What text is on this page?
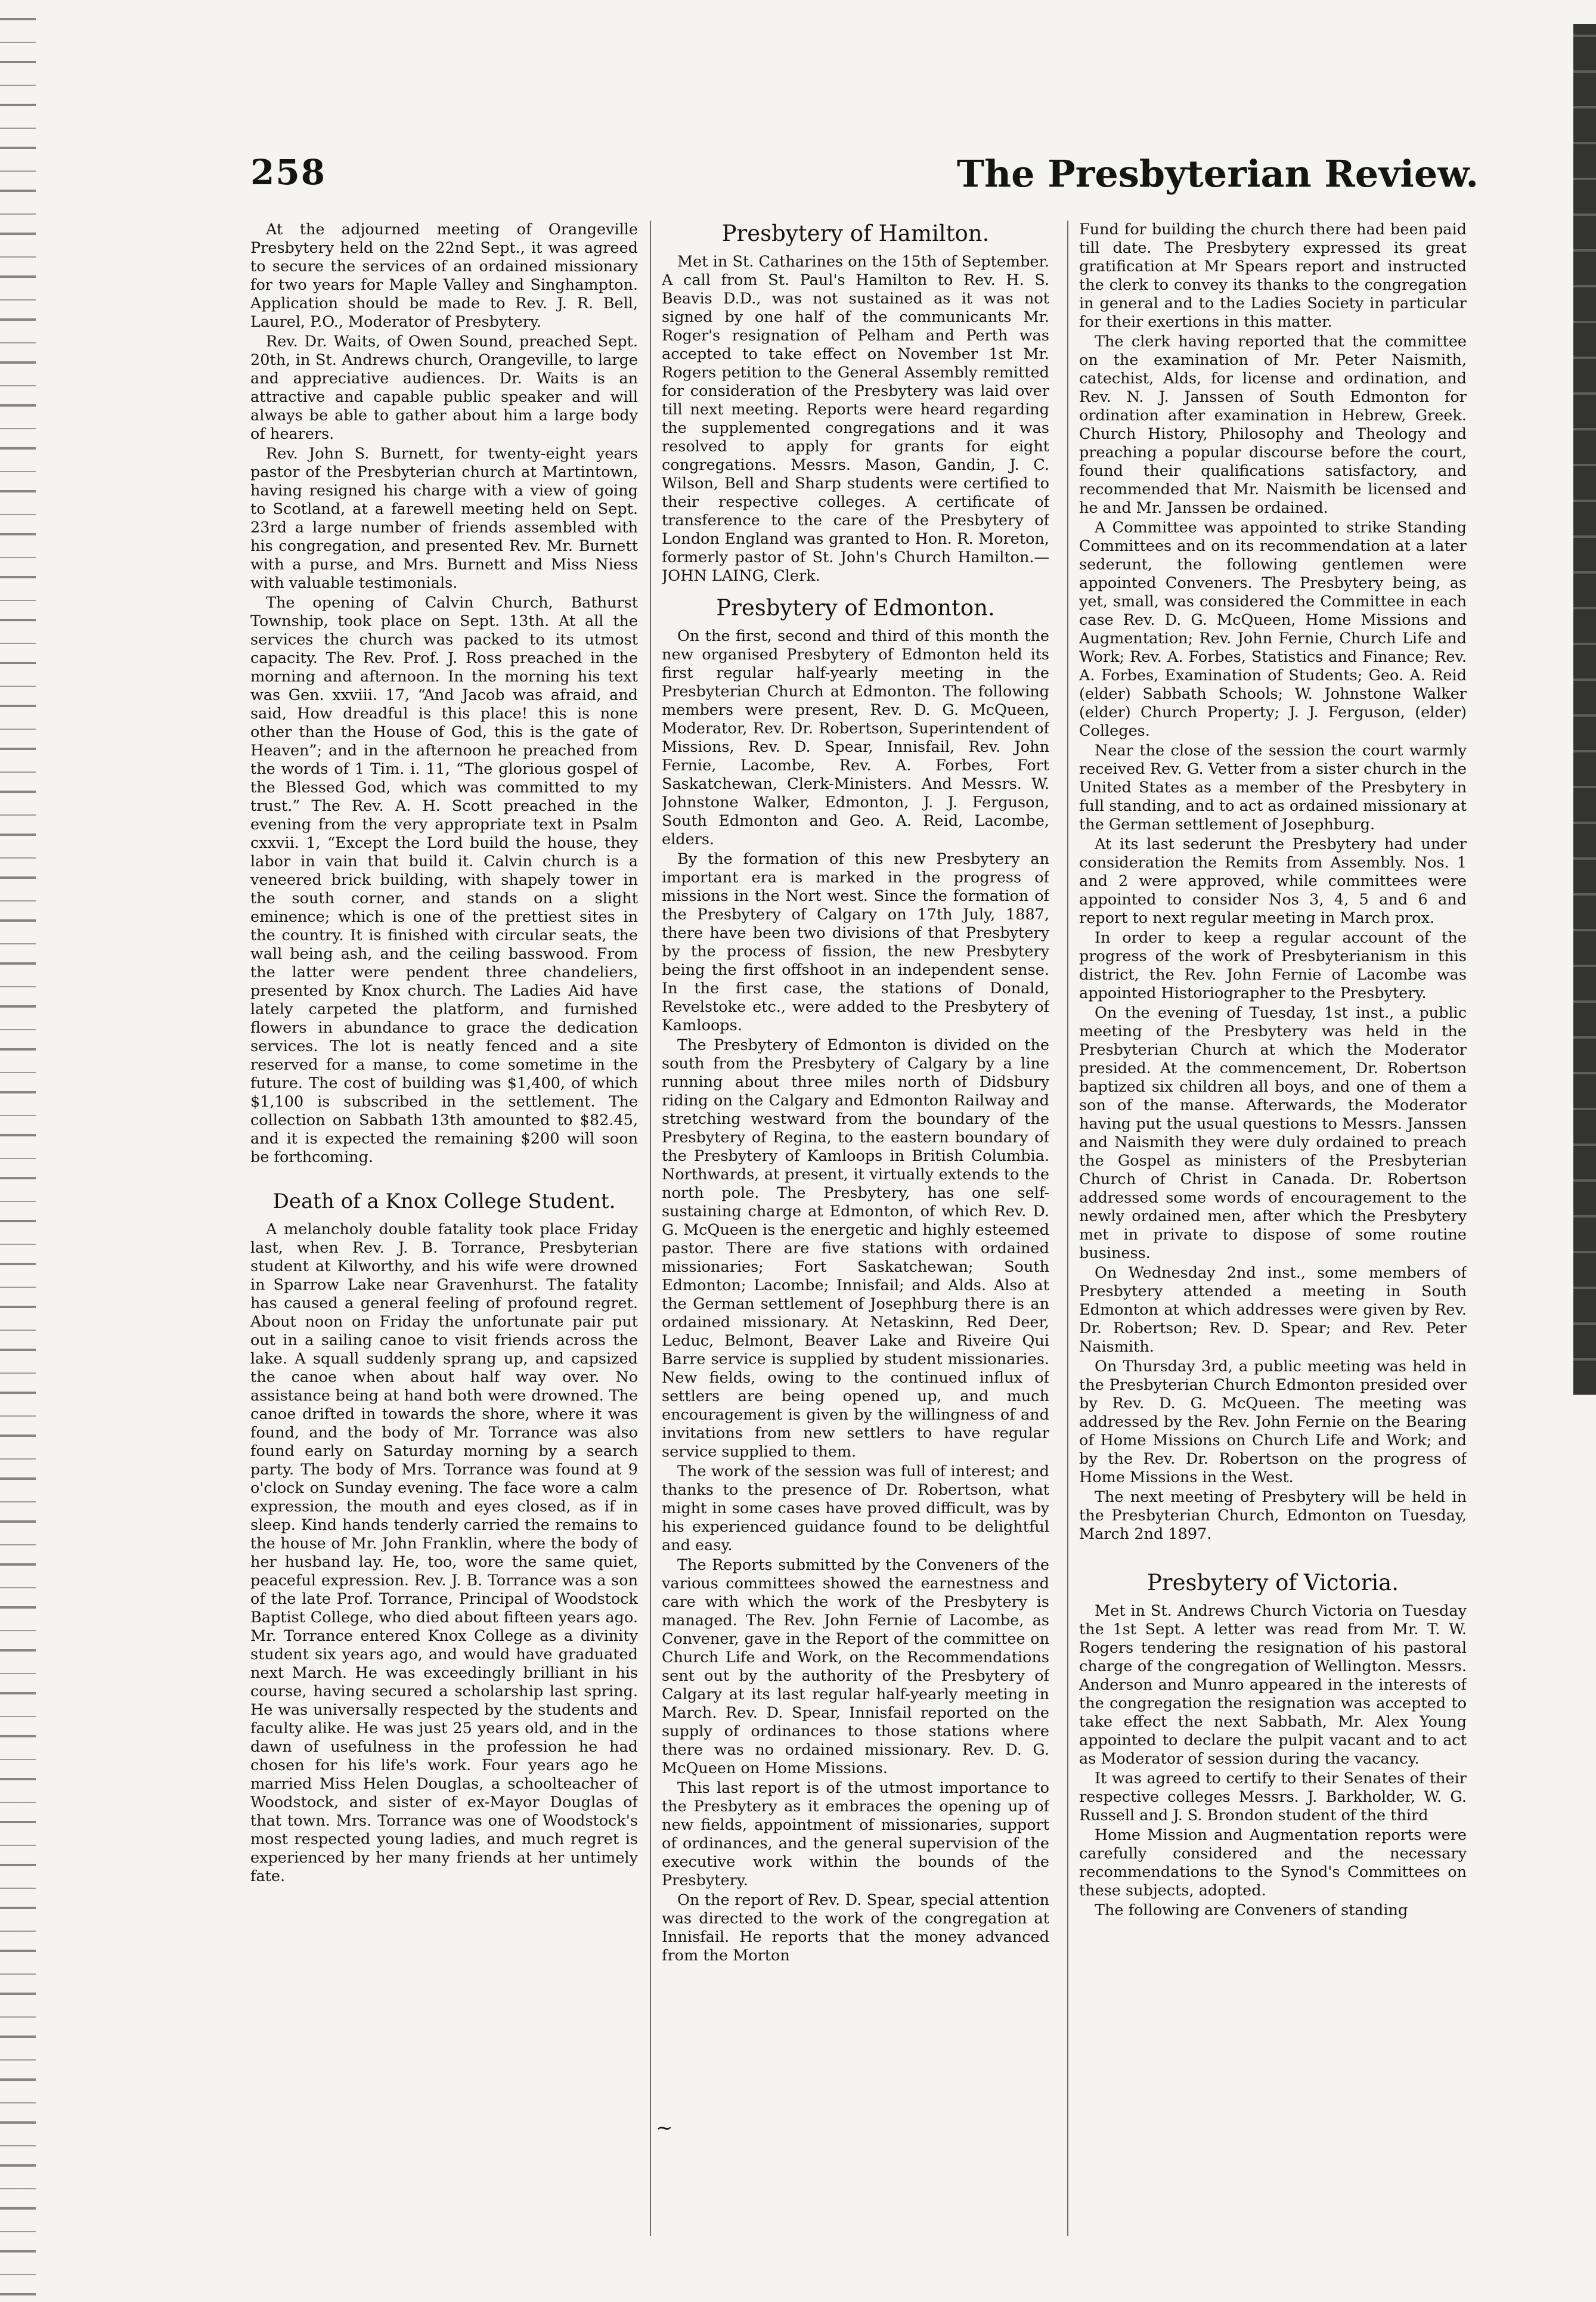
258	The Presbyterian Review.

At the adjourned meeting of Orangeville Presbytery held on the 22nd Sept., it was agreed to secure the services of an ordained missionary for two years for Maple Valley and Singhampton. Application should be made to Rev. J. R. Bell, Laurel, P.O., Moderator of Presbytery.

Rev. Dr. Waits, of Owen Sound, preached Sept. 20th, in St. Andrews church, Orangeville, to large and appreciative audiences. Dr. Waits is an attractive and capable public speaker and will always be able to gather about him a large body of hearers.

Rev. John S. Burnett, for twenty-eight years pastor of the Presbyterian church at Martintown, having resigned his charge with a view of going to Scotland, at a farewell meeting held on Sept. 23rd a large number of friends assembled with his congregation, and presented Rev. Mr. Burnett with a purse, and Mrs. Burnett and Miss Niess with valuable testimonials.

The opening of Calvin Church, Bathurst Township, took place on Sept. 13th. At all the services the church was packed to its utmost capacity. The Rev. Prof. J. Ross preached in the morning and afternoon. In the morning his text was Gen. xxviii. 17, “And Jacob was afraid, and said, How dreadful is this place! this is none other than the House of God, this is the gate of Heaven”; and in the afternoon he preached from the words of 1 Tim. i. 11, “The glorious gospel of the Blessed God, which was committed to my trust.” The Rev. A. H. Scott preached in the evening from the very appropriate text in Psalm cxxvii. 1, “Except the Lord build the house, they labor in vain that build it. Calvin church is a veneered brick building, with shapely tower in the south corner, and stands on a slight eminence; which is one of the prettiest sites in the country. It is finished with circular seats, the wall being ash, and the ceiling basswood. From the latter were pendent three chandeliers, presented by Knox church. The Ladies Aid have lately carpeted the platform, and furnished flowers in abundance to grace the dedication services. The lot is neatly fenced and a site reserved for a manse, to come sometime in the future. The cost of building was $1,400, of which $1,100 is subscribed in the settlement. The collection on Sabbath 13th amounted to $82.45, and it is expected the remaining $200 will soon be forthcoming.

Death of a Knox College Student.

A melancholy double fatality took place Friday last, when Rev. J. B. Torrance, Presbyterian student at Kilworthy, and his wife were drowned in Sparrow Lake near Gravenhurst. The fatality has caused a general feeling of profound regret. About noon on Friday the unfortunate pair put out in a sailing canoe to visit friends across the lake. A squall suddenly sprang up, and capsized the canoe when about half way over. No assistance being at hand both were drowned. The canoe drifted in towards the shore, where it was found, and the body of Mr. Torrance was also found early on Saturday morning by a search party. The body of Mrs. Torrance was found at 9 o'clock on Sunday evening. The face wore a calm expression, the mouth and eyes closed, as if in sleep. Kind hands tenderly carried the remains to the house of Mr. John Franklin, where the body of her husband lay. He, too, wore the same quiet, peaceful expression. Rev. J. B. Torrance was a son of the late Prof. Torrance, Principal of Woodstock Baptist College, who died about fifteen years ago. Mr. Torrance entered Knox College as a divinity student six years ago, and would have graduated next March. He was exceedingly brilliant in his course, having secured a scholarship last spring. He was universally respected by the students and faculty alike. He was just 25 years old, and in the dawn of usefulness in the profession he had chosen for his life's work. Four years ago he married Miss Helen Douglas, a schoolteacher of Woodstock, and sister of ex-Mayor Douglas of that town. Mrs. Torrance was one of Woodstock's most respected young ladies, and much regret is experienced by her many friends at her untimely fate.

Presbytery of Hamilton.

Met in St. Catharines on the 15th of September. A call from St. Paul's Hamilton to Rev. H. S. Beavis D.D., was not sustained as it was not signed by one half of the communicants Mr. Roger's resignation of Pelham and Perth was accepted to take effect on November 1st Mr. Rogers petition to the General Assembly remitted for consideration of the Presbytery was laid over till next meeting. Reports were heard regarding the supplemented congregations and it was resolved to apply for grants for eight congregations. Messrs. Mason, Gandin, J. C. Wilson, Bell and Sharp students were certified to their respective colleges. A certificate of transference to the care of the Presbytery of London England was granted to Hon. R. Moreton, formerly pastor of St. John's Church Hamilton.—JOHN LAING, Clerk.

Presbytery of Edmonton.

On the first, second and third of this month the new organised Presbytery of Edmonton held its first regular half-yearly meeting in the Presbyterian Church at Edmonton. The following members were present, Rev. D. G. McQueen, Moderator, Rev. Dr. Robertson, Superintendent of Missions, Rev. D. Spear, Innisfail, Rev. John Fernie, Lacombe, Rev. A. Forbes, Fort Saskatchewan, Clerk-Ministers. And Messrs. W. Johnstone Walker, Edmonton, J. J. Ferguson, South Edmonton and Geo. A. Reid, Lacombe, elders.

By the formation of this new Presbytery an important era is marked in the progress of missions in the Nort west. Since the formation of the Presbytery of Calgary on 17th July, 1887, there have been two divisions of that Presbytery by the process of fission, the new Presbytery being the first offshoot in an independent sense. In the first case, the stations of Donald, Revelstoke etc., were added to the Presbytery of Kamloops.

The Presbytery of Edmonton is divided on the south from the Presbytery of Calgary by a line running about three miles north of Didsbury riding on the Calgary and Edmonton Railway and stretching westward from the boundary of the Presbytery of Regina, to the eastern boundary of the Presbytery of Kamloops in British Columbia. Northwards, at present, it virtually extends to the north pole. The Presbytery, has one self-sustaining charge at Edmonton, of which Rev. D. G. McQueen is the energetic and highly esteemed pastor. There are five stations with ordained missionaries; Fort Saskatchewan; South Edmonton; Lacombe; Innisfail; and Alds. Also at the German settlement of Josephburg there is an ordained missionary. At Netaskinn, Red Deer, Leduc, Belmont, Beaver Lake and Riveire Qui Barre service is supplied by student missionaries. New fields, owing to the continued influx of settlers are being opened up, and much encouragement is given by the willingness of and invitations from new settlers to have regular service supplied to them.

The work of the session was full of interest; and thanks to the presence of Dr. Robertson, what might in some cases have proved difficult, was by his experienced guidance found to be delightful and easy.

The Reports submitted by the Conveners of the various committees showed the earnestness and care with which the work of the Presbytery is managed. The Rev. John Fernie of Lacombe, as Convener, gave in the Report of the committee on Church Life and Work, on the Recommendations sent out by the authority of the Presbytery of Calgary at its last regular half-yearly meeting in March. Rev. D. Spear, Innisfail reported on the supply of ordinances to those stations where there was no ordained missionary. Rev. D. G. McQueen on Home Missions.

This last report is of the utmost importance to the Presbytery as it embraces the opening up of new fields, appointment of missionaries, support of ordinances, and the general supervision of the executive work within the bounds of the Presbytery.

On the report of Rev. D. Spear, special attention was directed to the work of the congregation at Innisfail. He reports that the money advanced from the Morton

Fund for building the church there had been paid till date. The Presbytery expressed its great gratification at Mr Spears report and instructed the clerk to convey its thanks to the congregation in general and to the Ladies Society in particular for their exertions in this matter.

The clerk having reported that the committee on the examination of Mr. Peter Naismith, catechist, Alds, for license and ordination, and Rev. N. J. Janssen of South Edmonton for ordination after examination in Hebrew, Greek. Church History, Philosophy and Theology and preaching a popular discourse before the court, found their qualifications satisfactory, and recommended that Mr. Naismith be licensed and he and Mr. Janssen be ordained.

A Committee was appointed to strike Standing Committees and on its recommendation at a later sederunt, the following gentlemen were appointed Conveners. The Presbytery being, as yet, small, was considered the Committee in each case Rev. D. G. McQueen, Home Missions and Augmentation; Rev. John Fernie, Church Life and Work; Rev. A. Forbes, Statistics and Finance; Rev. A. Forbes, Examination of Students; Geo. A. Reid (elder) Sabbath Schools; W. Johnstone Walker (elder) Church Property; J. J. Ferguson, (elder) Colleges.

Near the close of the session the court warmly received Rev. G. Vetter from a sister church in the United States as a member of the Presbytery in full standing, and to act as ordained missionary at the German settlement of Josephburg.

At its last sederunt the Presbytery had under consideration the Remits from Assembly. Nos. 1 and 2 were approved, while committees were appointed to consider Nos 3, 4, 5 and 6 and report to next regular meeting in March prox.

In order to keep a regular account of the progress of the work of Presbyterianism in this district, the Rev. John Fernie of Lacombe was appointed Historiographer to the Presbytery.

On the evening of Tuesday, 1st inst., a public meeting of the Presbytery was held in the Presbyterian Church at which the Moderator presided. At the commencement, Dr. Robertson baptized six children all boys, and one of them a son of the manse. Afterwards, the Moderator having put the usual questions to Messrs. Janssen and Naismith they were duly ordained to preach the Gospel as ministers of the Presbyterian Church of Christ in Canada. Dr. Robertson addressed some words of encouragement to the newly ordained men, after which the Presbytery met in private to dispose of some routine business.

On Wednesday 2nd inst., some members of Presbytery attended a meeting in South Edmonton at which addresses were given by Rev. Dr. Robertson; Rev. D. Spear; and Rev. Peter Naismith.

On Thursday 3rd, a public meeting was held in the Presbyterian Church Edmonton presided over by Rev. D. G. McQueen. The meeting was addressed by the Rev. John Fernie on the Bearing of Home Missions on Church Life and Work; and by the Rev. Dr. Robertson on the progress of Home Missions in the West.

The next meeting of Presbytery will be held in the Presbyterian Church, Edmonton on Tuesday, March 2nd 1897.

Presbytery of Victoria.

Met in St. Andrews Church Victoria on Tuesday the 1st Sept. A letter was read from Mr. T. W. Rogers tendering the resignation of his pastoral charge of the congregation of Wellington. Messrs. Anderson and Munro appeared in the interests of the congregation the resignation was accepted to take effect the next Sabbath, Mr. Alex Young appointed to declare the pulpit vacant and to act as Moderator of session during the vacancy.

It was agreed to certify to their Senates of their respective colleges Messrs. J. Barkholder, W. G. Russell and J. S. Brondon student of the third

Home Mission and Augmentation reports were carefully considered and the necessary recommendations to the Synod's Committees on these subjects, adopted.

The following are Conveners of standing

~
